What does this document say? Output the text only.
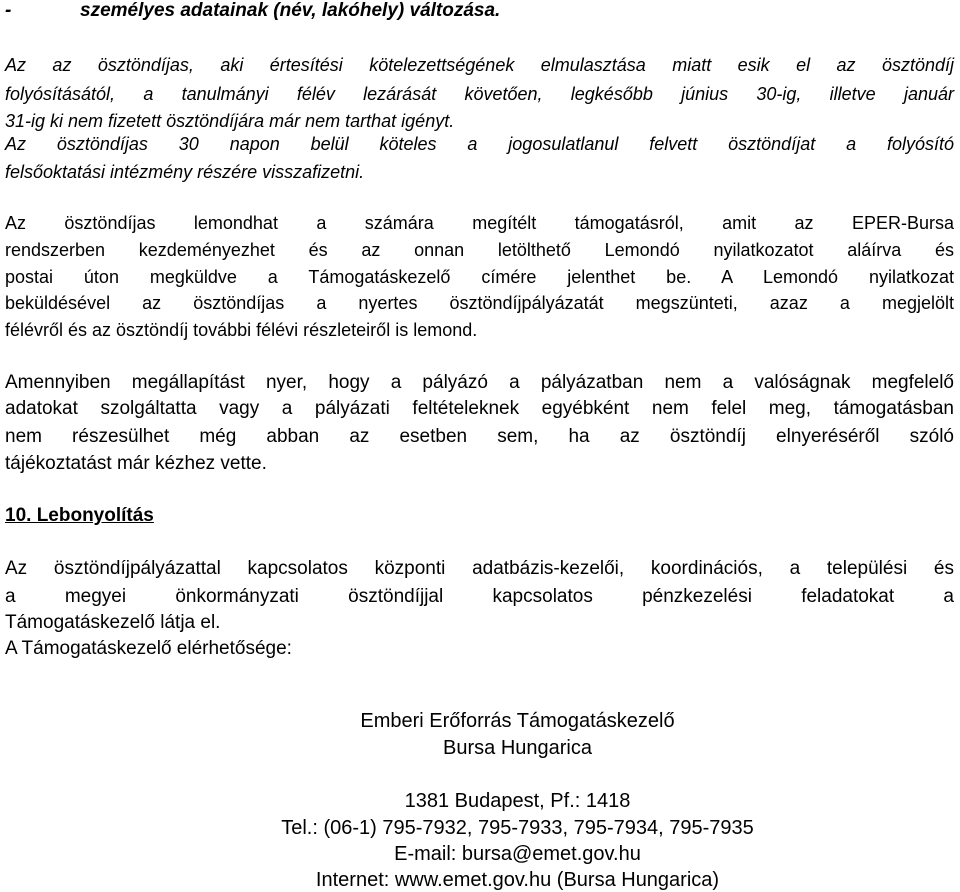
-	személyes adatainak (név, lakóhely) változása.

Az az ösztöndíjas, aki értesítési kötelezettségének elmulasztása miatt esik el az ösztöndíj

folyósításától, a tanulmányi félév lezárását követően, legkésőbb június 30-ig, illetve január

31-ig ki nem fizetett ösztöndíjára már nem tarthat igényt.

Az ösztöndíjas 30 napon belül köteles a jogosulatlanul felvett ösztöndíjat a folyósító

felsőoktatási intézmény részére visszafizetni.

Az ösztöndíjas lemondhat a számára megítélt támogatásról, amit az EPER-Bursa

rendszerben kezdeményezhet és az onnan letölthető Lemondó nyilatkozatot aláírva és

postai úton megküldve a Támogatáskezelő címére jelenthet be. A Lemondó nyilatkozat

beküldésével az ösztöndíjas a nyertes ösztöndíjpályázatát megszünteti, azaz a megjelölt

félévről és az ösztöndíj további félévi részleteiről is lemond.

Amennyiben megállapítást nyer, hogy a pályázó a pályázatban nem a valóságnak megfelelő

adatokat szolgáltatta vagy a pályázati feltételeknek egyébként nem felel meg, támogatásban

nem részesülhet még abban az esetben sem, ha az ösztöndíj elnyeréséről szóló

tájékoztatást már kézhez vette.

10. Lebonyolítás

Az ösztöndíjpályázattal kapcsolatos központi adatbázis-kezelői, koordinációs, a települési és

a megyei önkormányzati ösztöndíjjal kapcsolatos pénzkezelési feladatokat a

Támogatáskezelő látja el.

A Támogatáskezelő elérhetősége:

Emberi Erőforrás Támogatáskezelő

Bursa Hungarica

1381 Budapest, Pf.: 1418

Tel.: (06-1) 795-7932, 795-7933, 795-7934, 795-7935

E-mail: bursa@emet.gov.hu

Internet: www.emet.gov.hu (Bursa Hungarica)
